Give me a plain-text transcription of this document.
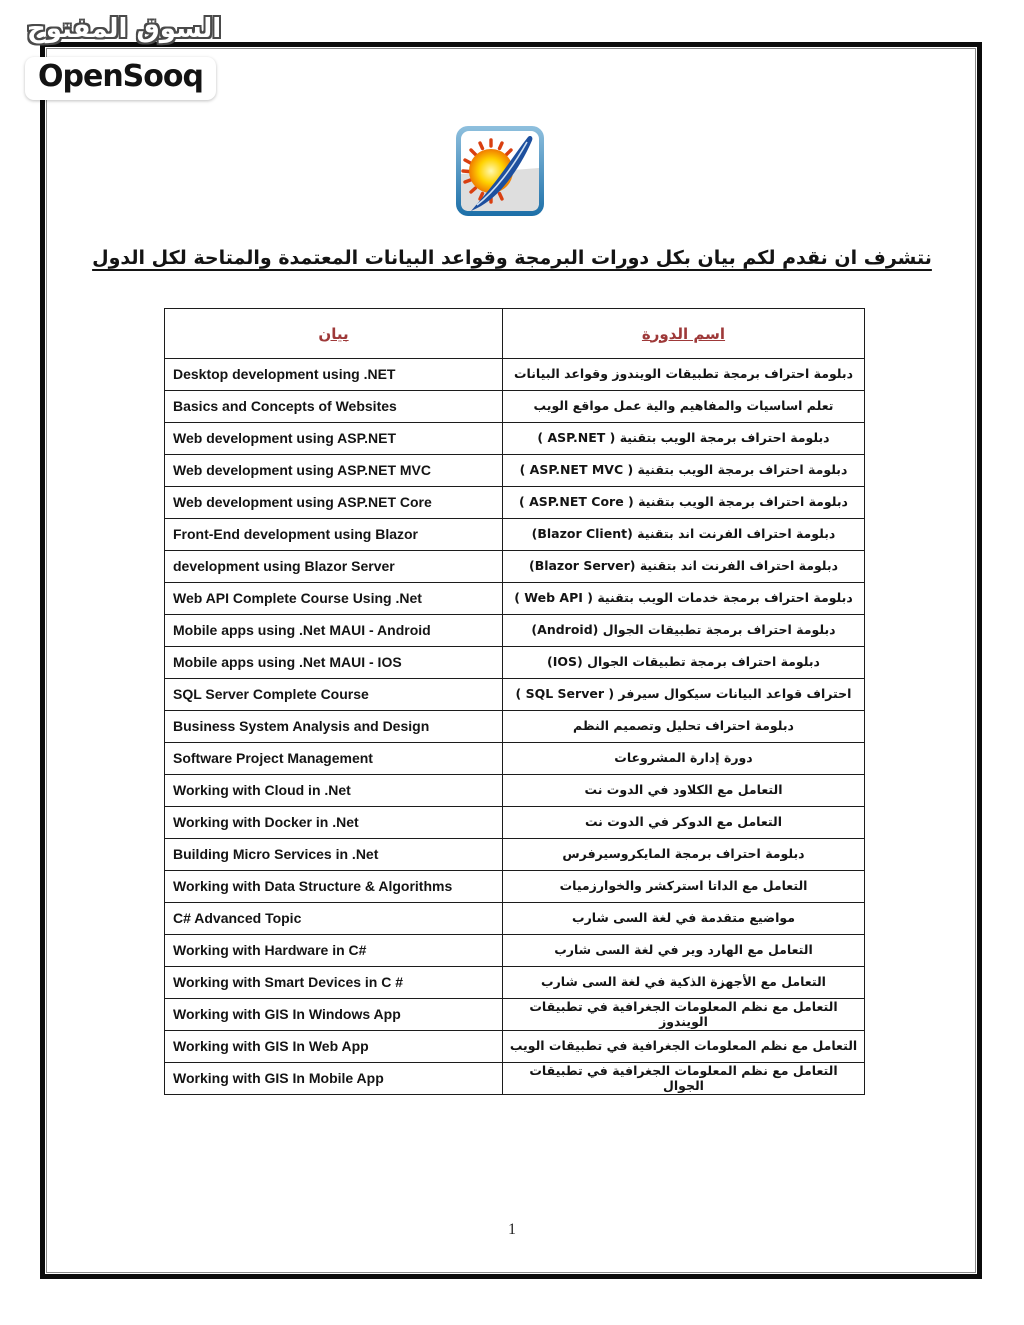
السوق المفتوح
OpenSooq
نتشرف ان نقدم لكم بيان بكل دورات البرمجة وقواعد البيانات المعتمدة والمتاحة لكل الدول
بيان	اسم الدورة
Desktop development using .NET	دبلومة احتراف برمجة تطبيقات الويندوز وقواعد البيانات
Basics and Concepts of Websites	تعلم اساسيات والمفاهيم والية عمل مواقع الويب
Web development using ASP.NET	دبلومة احتراف برمجة الويب بتقنية ( ASP.NET )
Web development using ASP.NET MVC	دبلومة احتراف برمجة الويب بتقنية ( ASP.NET MVC )
Web development using ASP.NET Core	دبلومة احتراف برمجة الويب بتقنية ( ASP.NET Core )
Front-End development using Blazor	دبلومة احتراف الفرنت اند بتقنية (Blazor Client)
development using Blazor Server	دبلومة احتراف الفرنت اند بتقنية (Blazor Server)
Web API Complete Course Using .Net	دبلومة احتراف برمجة خدمات الويب بتقنية ( Web API )
Mobile apps using .Net MAUI - Android	دبلومة احتراف برمجة تطبيقات الجوال (Android)
Mobile apps using .Net MAUI - IOS	دبلومة احتراف برمجة تطبيقات الجوال (IOS)
SQL Server Complete Course	احتراف قواعد البيانات سيكوال سيرفر ( SQL Server )
Business System Analysis and Design	دبلومة احتراف تحليل وتصميم النظم
Software Project Management	دورة إدارة المشروعات
Working with Cloud in .Net	التعامل مع الكلاود في الدوت نت
Working with Docker in .Net	التعامل مع الدوكر في الدوت نت
Building Micro Services in .Net	دبلومة احتراف برمجة المايكروسيرفرس
Working with Data Structure & Algorithms	التعامل مع الداتا استركشر والخوارزميات
C# Advanced Topic	مواضيع متقدمة في لغة السى شارب
Working with Hardware in C#	التعامل مع الهارد وير في لغة السى شارب
Working with Smart Devices in C #	التعامل مع الأجهزة الذكية في لغة السى شارب
Working with GIS In Windows App	التعامل مع نظم المعلومات الجغرافية في تطبيقات الويندوز
Working with GIS In Web App	التعامل مع نظم المعلومات الجغرافية في تطبيقات الويب
Working with GIS In Mobile App	التعامل مع نظم المعلومات الجغرافية في تطبيقات الجوال
1
